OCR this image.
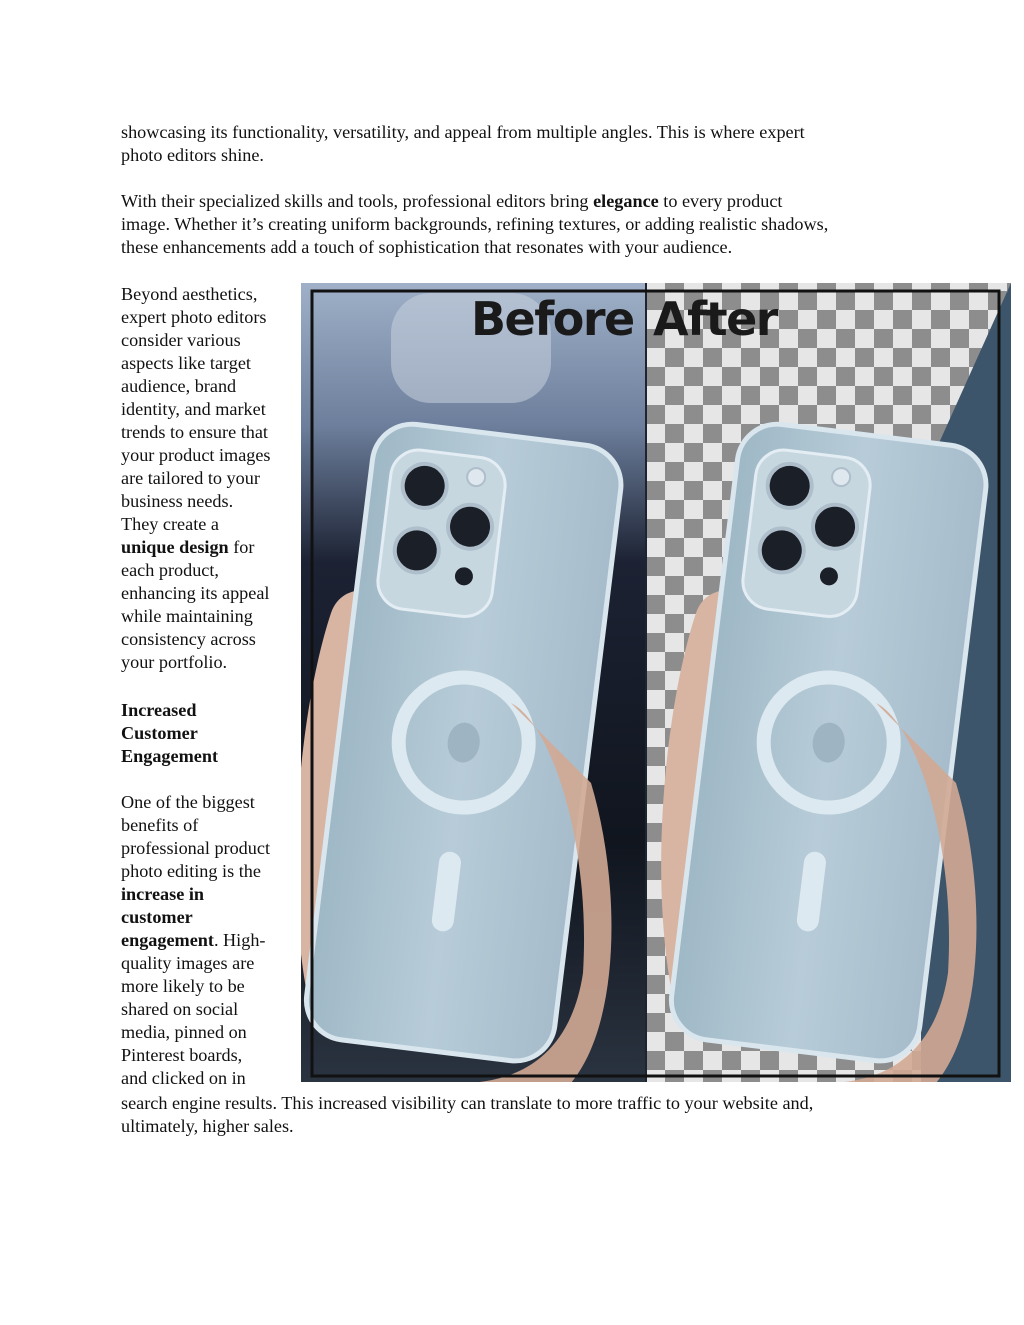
showcasing its functionality, versatility, and appeal from multiple angles. This is where expert
photo editors shine.

With their specialized skills and tools, professional editors bring elegance to every product
image. Whether it’s creating uniform backgrounds, refining textures, or adding realistic shadows,
these enhancements add a touch of sophistication that resonates with your audience.

Beyond aesthetics,
expert photo editors
consider various
aspects like target
audience, brand
identity, and market
trends to ensure that
your product images
are tailored to your
business needs.
They create a
unique design for
each product,
enhancing its appeal
while maintaining
consistency across
your portfolio.

Increased
Customer
Engagement

One of the biggest
benefits of
professional product
photo editing is the
increase in
customer
engagement. High-
quality images are
more likely to be
shared on social
media, pinned on
Pinterest boards,
and clicked on in

search engine results. This increased visibility can translate to more traffic to your website and,
ultimately, higher sales.

Before After
